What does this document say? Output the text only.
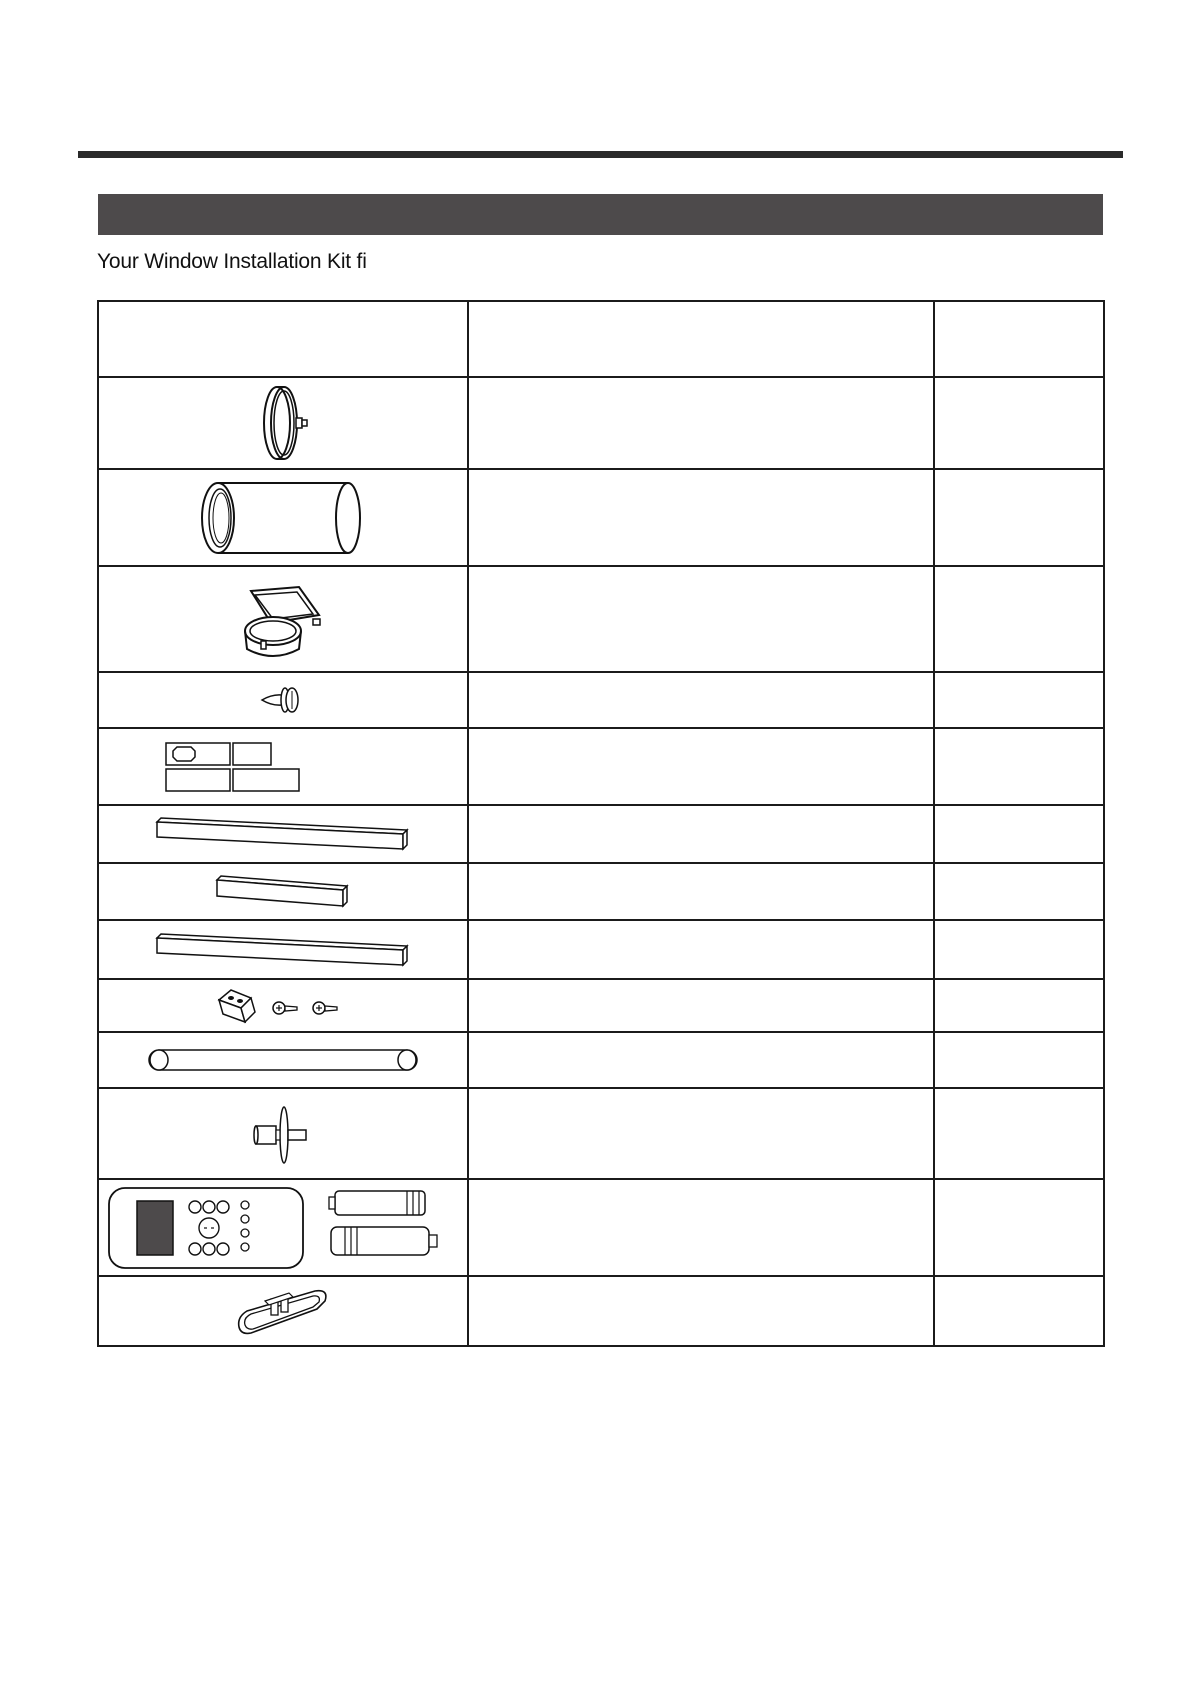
Your Window Installation Kit fi
